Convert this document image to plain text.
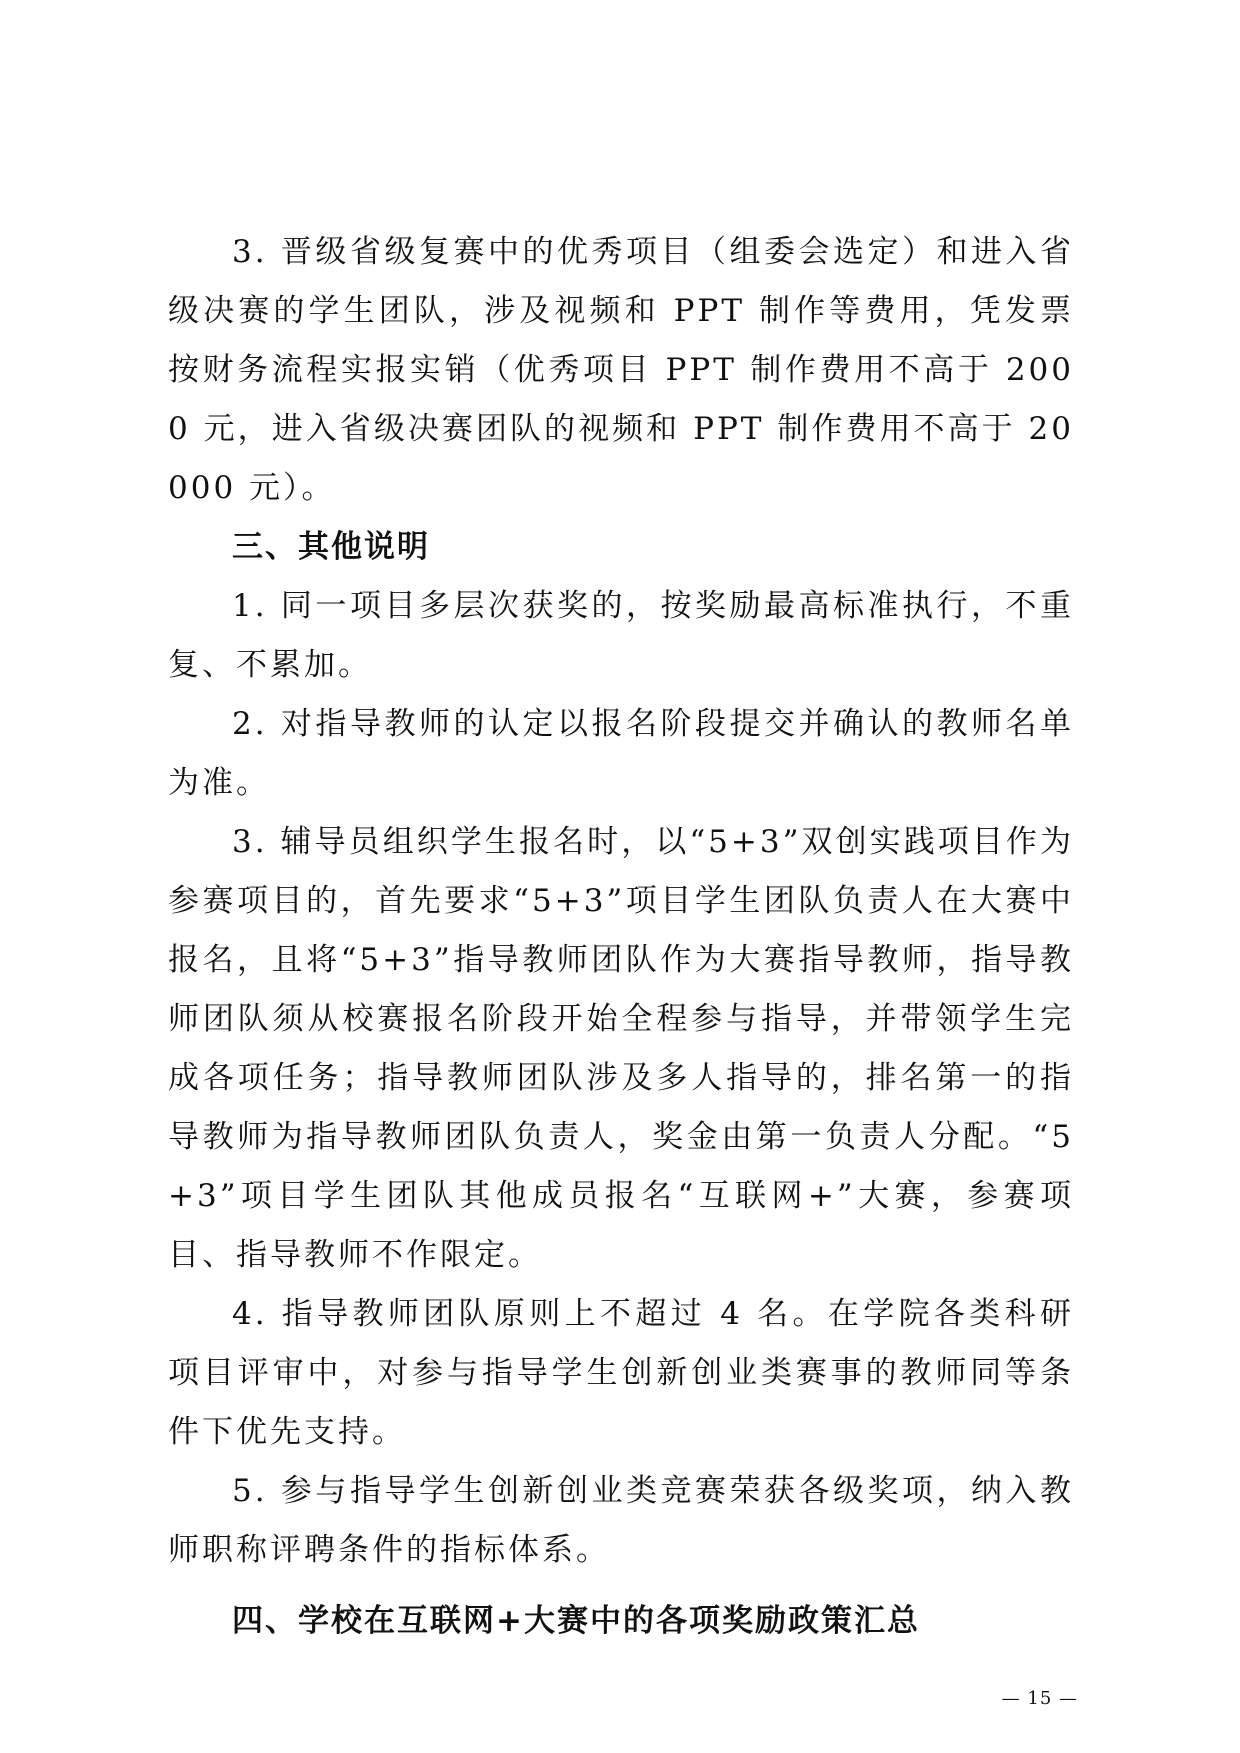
3. 晋级省级复赛中的优秀项目（组委会选定）和进入省级决赛的学生团队，涉及视频和 PPT 制作等费用，凭发票按财务流程实报实销（优秀项目 PPT 制作费用不高于 2000 元，进入省级决赛团队的视频和 PPT 制作费用不高于 20000 元）。

三、其他说明

1. 同一项目多层次获奖的，按奖励最高标准执行，不重复、不累加。

2. 对指导教师的认定以报名阶段提交并确认的教师名单为准。

3. 辅导员组织学生报名时，以“5+3”双创实践项目作为参赛项目的，首先要求“5+3”项目学生团队负责人在大赛中报名，且将“5+3”指导教师团队作为大赛指导教师，指导教师团队须从校赛报名阶段开始全程参与指导，并带领学生完成各项任务；指导教师团队涉及多人指导的，排名第一的指导教师为指导教师团队负责人，奖金由第一负责人分配。“5+3”项目学生团队其他成员报名“互联网+”大赛，参赛项目、指导教师不作限定。

4. 指导教师团队原则上不超过 4 名。在学院各类科研项目评审中，对参与指导学生创新创业类赛事的教师同等条件下优先支持。

5. 参与指导学生创新创业类竞赛荣获各级奖项，纳入教师职称评聘条件的指标体系。

四、学校在互联网+大赛中的各项奖励政策汇总
— 15 —
